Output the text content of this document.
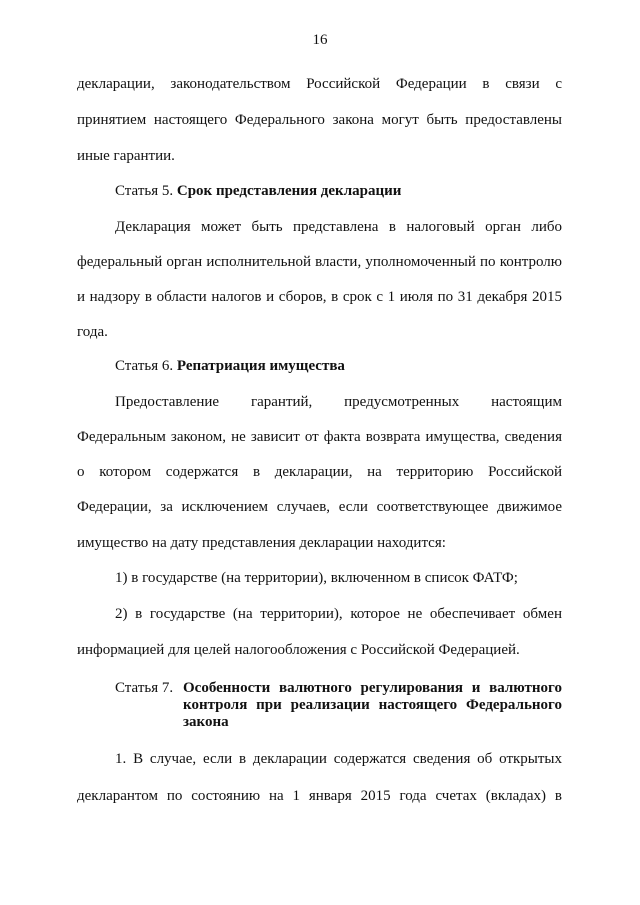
16
декларации, законодательством Российской Федерации в связи с
принятием настоящего Федерального закона могут быть предоставлены
иные гарантии.
Статья 5. Срок представления декларации
Декларация может быть представлена в налоговый орган либо
федеральный орган исполнительной власти, уполномоченный по контролю
и надзору в области налогов и сборов, в срок с 1 июля по 31 декабря 2015
года.
Статья 6. Репатриация имущества
Предоставление гарантий, предусмотренных настоящим
Федеральным законом, не зависит от факта возврата имущества, сведения
о котором содержатся в декларации, на территорию Российской
Федерации, за исключением случаев, если соответствующее движимое
имущество на дату представления декларации находится:
1) в государстве (на территории), включенном в список ФАТФ;
2) в государстве (на территории), которое не обеспечивает обмен
информацией для целей налогообложения с Российской Федерацией.
Статья 7. Особенности валютного регулирования и валютного
контроля при реализации настоящего Федерального
закона
1. В случае, если в декларации содержатся сведения об открытых
декларантом по состоянию на 1 января 2015 года счетах (вкладах) в
